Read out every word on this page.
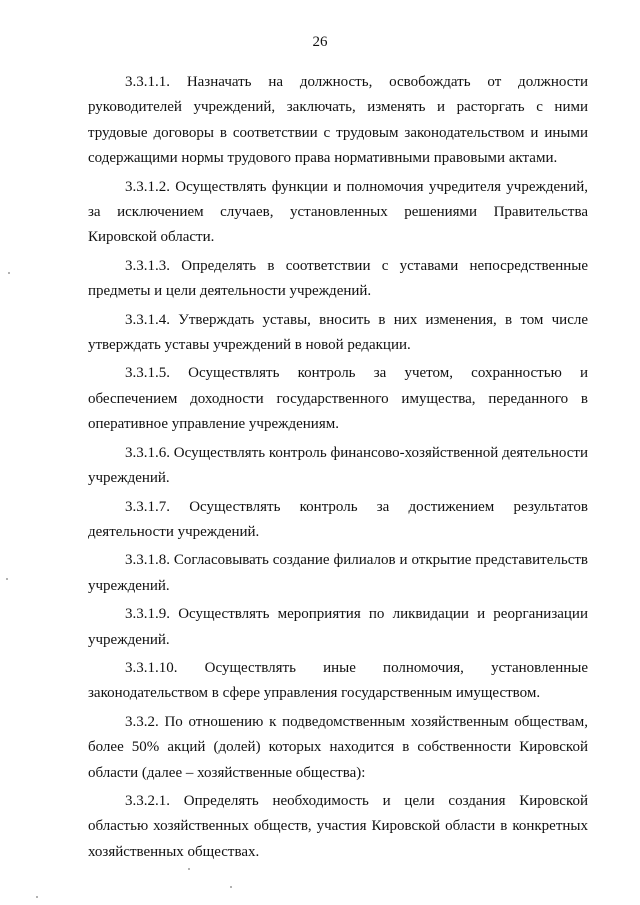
26

3.3.1.1. Назначать на должность, освобождать от должности руководителей учреждений, заключать, изменять и расторгать с ними трудовые договоры в соответствии с трудовым законодательством и иными содержащими нормы трудового права нормативными правовыми актами.

3.3.1.2. Осуществлять функции и полномочия учредителя учреждений, за исключением случаев, установленных решениями Правительства Кировской области.

3.3.1.3. Определять в соответствии с уставами непосредственные предметы и цели деятельности учреждений.

3.3.1.4. Утверждать уставы, вносить в них изменения, в том числе утверждать уставы учреждений в новой редакции.

3.3.1.5. Осуществлять контроль за учетом, сохранностью и обеспечением доходности государственного имущества, переданного в оперативное управление учреждениям.

3.3.1.6. Осуществлять контроль финансово-хозяйственной деятельности учреждений.

3.3.1.7. Осуществлять контроль за достижением результатов деятельности учреждений.

3.3.1.8. Согласовывать создание филиалов и открытие представительств учреждений.

3.3.1.9. Осуществлять мероприятия по ликвидации и реорганизации учреждений.

3.3.1.10. Осуществлять иные полномочия, установленные законодательством в сфере управления государственным имуществом.

3.3.2. По отношению к подведомственным хозяйственным обществам, более 50% акций (долей) которых находится в собственности Кировской области (далее – хозяйственные общества):

3.3.2.1. Определять необходимость и цели создания Кировской областью хозяйственных обществ, участия Кировской области в конкретных хозяйственных обществах.
